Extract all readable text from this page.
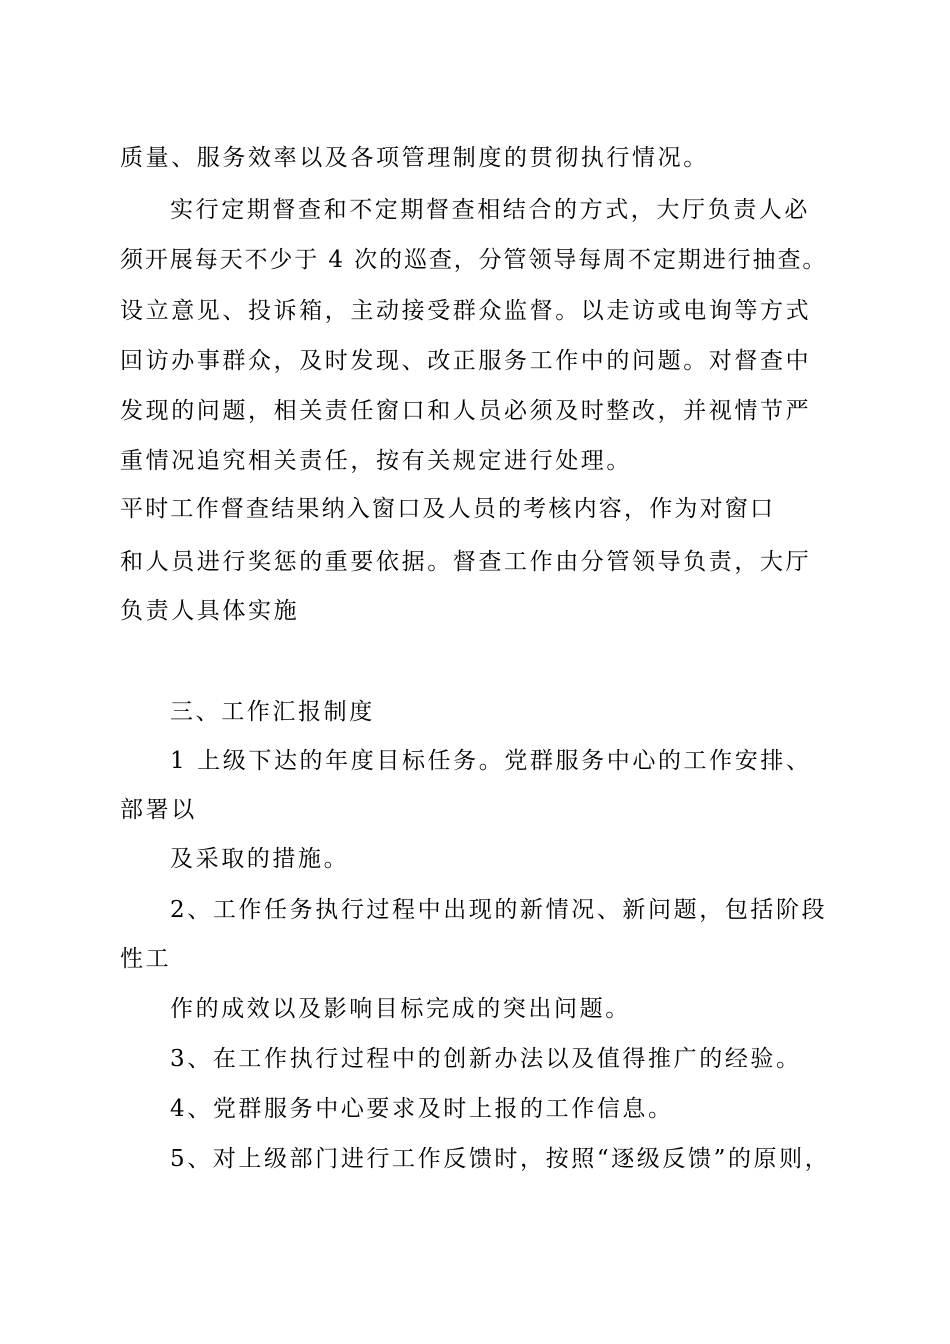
质量、服务效率以及各项管理制度的贯彻执行情况。
实行定期督查和不定期督查相结合的方式，大厅负责人必
须开展每天不少于 4 次的巡查，分管领导每周不定期进行抽查。
设立意见、投诉箱，主动接受群众监督。以走访或电询等方式
回访办事群众，及时发现、改正服务工作中的问题。对督查中
发现的问题，相关责任窗口和人员必须及时整改，并视情节严
重情况追究相关责任，按有关规定进行处理。
平时工作督查结果纳入窗口及人员的考核内容，作为对窗口
和人员进行奖惩的重要依据。督查工作由分管领导负责，大厅
负责人具体实施
三、工作汇报制度
1 上级下达的年度目标任务。党群服务中心的工作安排、
部署以
及采取的措施。
2、工作任务执行过程中出现的新情况、新问题，包括阶段
性工
作的成效以及影响目标完成的突出问题。
3、在工作执行过程中的创新办法以及值得推广的经验。
4、党群服务中心要求及时上报的工作信息。
5、对上级部门进行工作反馈时，按照“逐级反馈”的原则，
